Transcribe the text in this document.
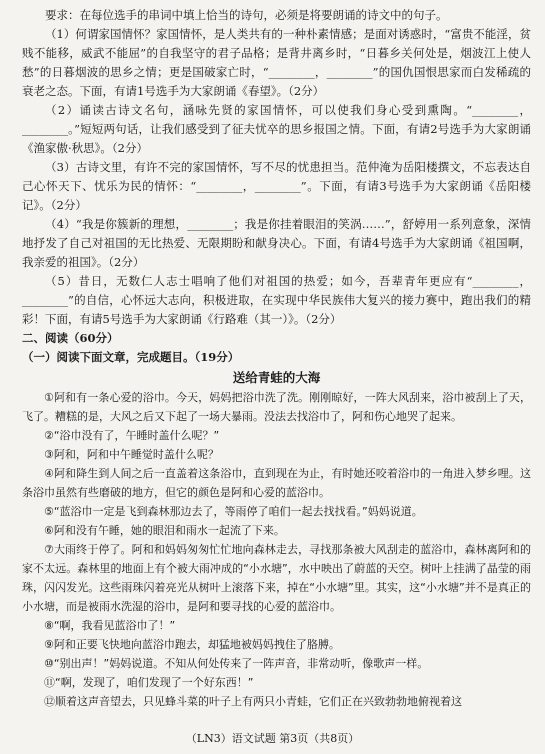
要求：在每位选手的串词中填上恰当的诗句，必须是将要朗诵的诗文中的句子。

（1）何谓家国情怀？家国情怀，是人类共有的一种朴素情感；是面对诱惑时，“富贵不能淫，贫贱不能移，威武不能屈”的自我坚守的君子品格；是背井离乡时，“日暮乡关何处是，烟波江上使人愁”的日暮烟波的思乡之情；更是国破家亡时，“________，________”的国仇国恨思家而白发稀疏的衰老之态。下面，有请1号选手为大家朗诵《春望》。（2分）

（2）诵读古诗文名句，涵咏先贤的家国情怀，可以使我们身心受到熏陶。“________，________。”短短两句话，让我们感受到了征夫忧卒的思乡报国之情。下面，有请2号选手为大家朗诵《渔家傲·秋思》。（2分）

（3）古诗文里，有许不完的家国情怀，写不尽的忧患担当。范仲淹为岳阳楼撰文，不忘表达自己心怀天下、忧乐为民的情怀：“________，________”。下面，有请3号选手为大家朗诵《岳阳楼记》。（2分）

（4）“我是你簇新的理想，________；我是你挂着眼泪的笑涡……”，舒婷用一系列意象，深情地抒发了自己对祖国的无比热爱、无限期盼和献身决心。下面，有请4号选手为大家朗诵《祖国啊，我亲爱的祖国》。（2分）

（5）昔日，无数仁人志士唱响了他们对祖国的热爱；如今，吾辈青年更应有“________，________”的自信，心怀远大志向，积极进取，在实现中华民族伟大复兴的接力赛中，跑出我们的精彩！下面，有请5号选手为大家朗诵《行路难（其一）》。（2分）

二、阅读（60分）

（一）阅读下面文章，完成题目。（19分）

送给青蛙的大海

①阿和有一条心爱的浴巾。今天，妈妈把浴巾洗了洗。刚刚晾好，一阵大风刮来，浴巾被刮上了天，飞了。糟糕的是，大风之后又下起了一场大暴雨。没法去找浴巾了，阿和伤心地哭了起来。

②“浴巾没有了，午睡时盖什么呢？”

③阿和，阿和中午睡觉时盖什么呢？

④阿和降生到人间之后一直盖着这条浴巾，直到现在为止，有时她还咬着浴巾的一角进入梦乡哩。这条浴巾虽然有些磨破的地方，但它的颜色是阿和心爱的蓝浴巾。

⑤“蓝浴巾一定是飞到森林那边去了，等雨停了咱们一起去找找看。”妈妈说道。

⑥阿和没有午睡，她的眼泪和雨水一起流了下来。

⑦大雨终于停了。阿和和妈妈匆匆忙忙地向森林走去，寻找那条被大风刮走的蓝浴巾，森林离阿和的家不太远。森林里的地面上有个被大雨冲成的“小水塘”，水中映出了蔚蓝的天空。树叶上挂满了晶莹的雨珠，闪闪发光。这些雨珠闪着亮光从树叶上滚落下来，掉在“小水塘”里。其实，这“小水塘”并不是真正的小水塘，而是被雨水洗湿的浴巾，是阿和要寻找的心爱的蓝浴巾。

⑧“啊，我看见蓝浴巾了！”

⑨阿和正要飞快地向蓝浴巾跑去，却猛地被妈妈拽住了胳膊。

⑩“别出声！”妈妈说道。不知从何处传来了一阵声音，非常动听，像歌声一样。

⑪“啊，发现了，咱们发现了一个好东西！”

⑫顺着这声音望去，只见蜂斗菜的叶子上有两只小青蛙，它们正在兴致勃勃地俯视着这

（LN3）语文试题 第3页（共8页）
